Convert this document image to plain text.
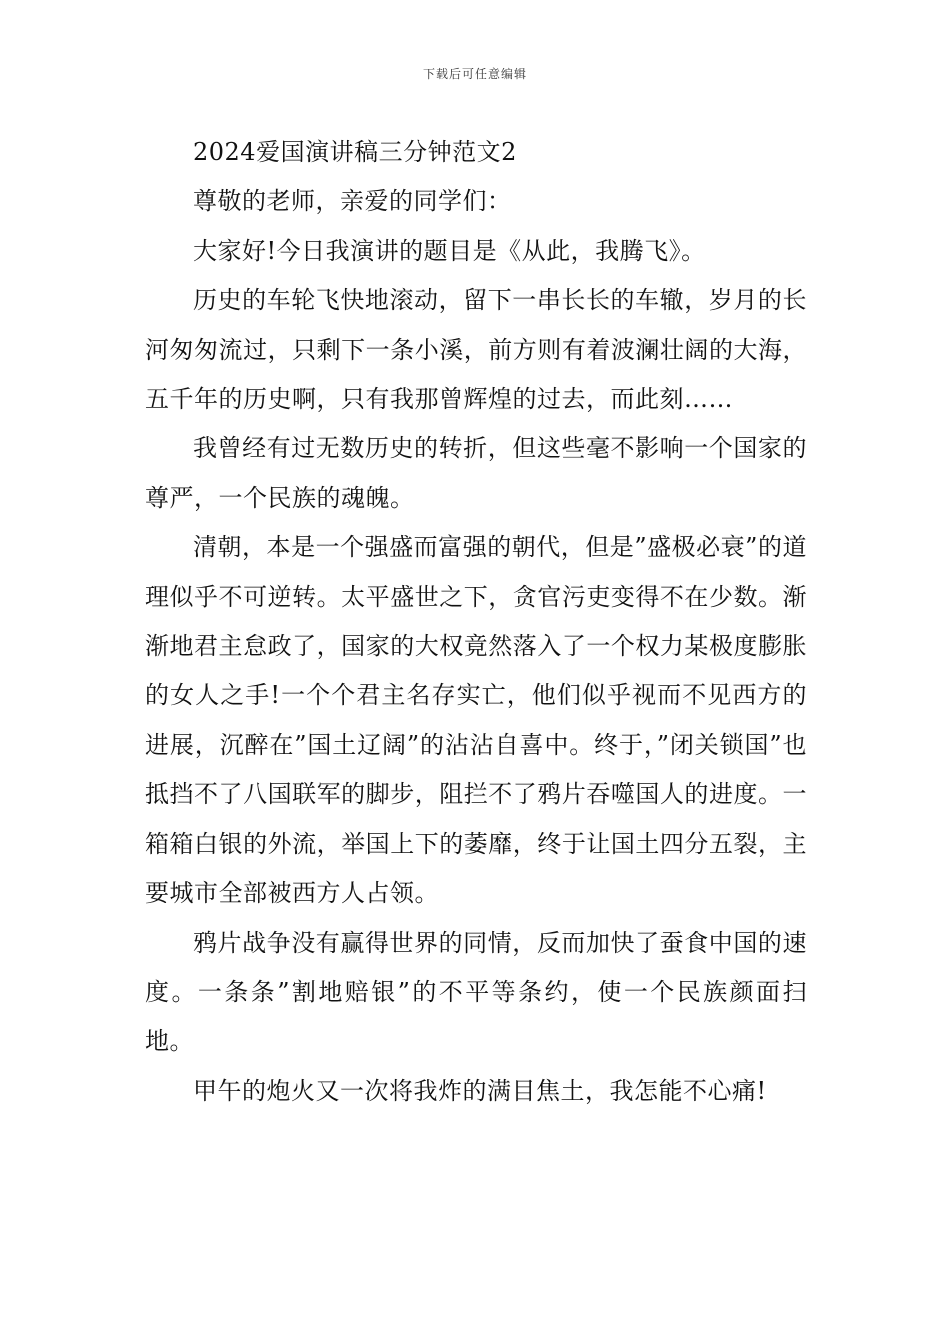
下载后可任意编辑

2024爱国演讲稿三分钟范文2

尊敬的老师，亲爱的同学们：

大家好!今日我演讲的题目是《从此，我腾飞》。

历史的车轮飞快地滚动，留下一串长长的车辙，岁月的长河匆匆流过，只剩下一条小溪，前方则有着波澜壮阔的大海，五千年的历史啊，只有我那曾辉煌的过去，而此刻……

我曾经有过无数历史的转折，但这些毫不影响一个国家的尊严，一个民族的魂魄。

清朝，本是一个强盛而富强的朝代，但是”盛极必衰”的道理似乎不可逆转。太平盛世之下，贪官污吏变得不在少数。渐渐地君主怠政了，国家的大权竟然落入了一个权力某极度膨胀的女人之手!一个个君主名存实亡，他们似乎视而不见西方的进展，沉醉在”国土辽阔”的沾沾自喜中。终于，”闭关锁国”也抵挡不了八国联军的脚步，阻拦不了鸦片吞噬国人的进度。一箱箱白银的外流，举国上下的萎靡，终于让国土四分五裂，主要城市全部被西方人占领。

鸦片战争没有赢得世界的同情，反而加快了蚕食中国的速度。一条条”割地赔银”的不平等条约，使一个民族颜面扫地。

甲午的炮火又一次将我炸的满目焦土，我怎能不心痛!
